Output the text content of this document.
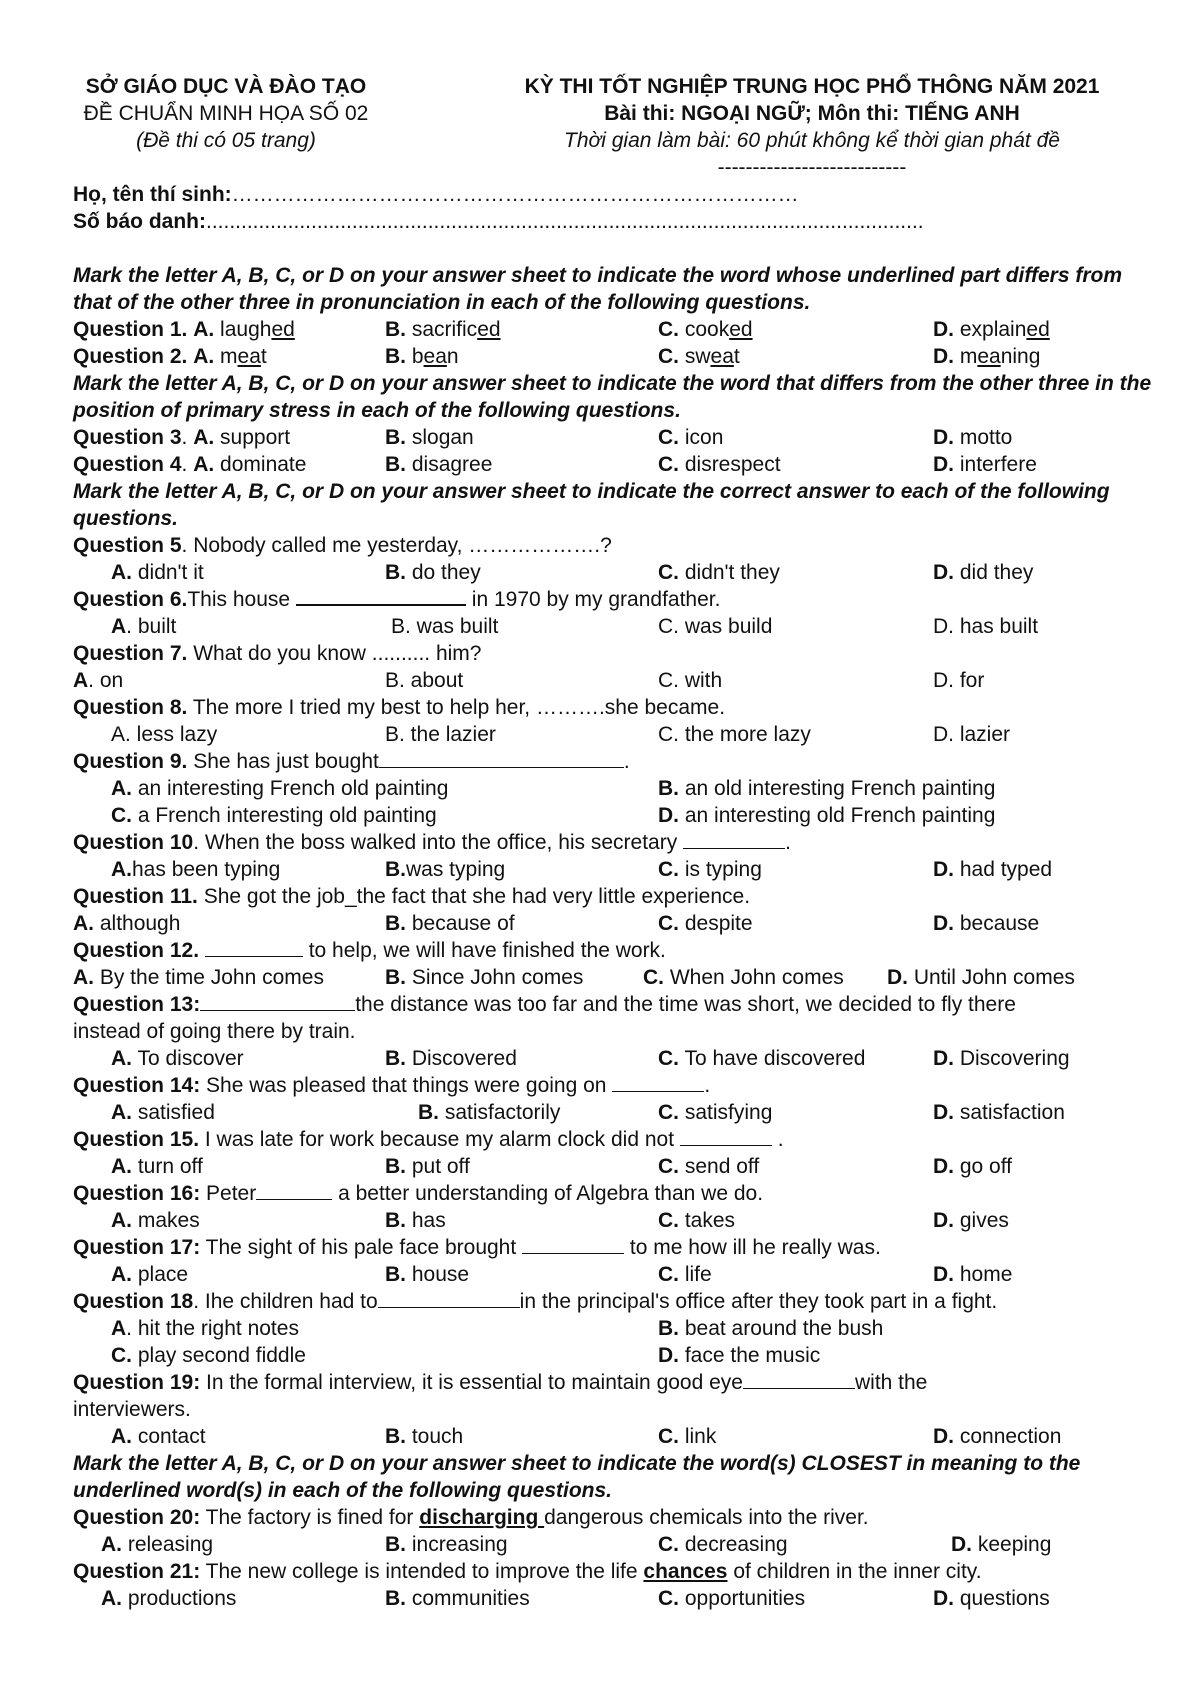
SỞ GIÁO DỤC VÀ ĐÀO TẠO
ĐỀ CHUẨN MINH HỌA SỐ 02
(Đề thi có 05 trang)
KỲ THI TỐT NGHIỆP TRUNG HỌC PHỔ THÔNG NĂM 2021
Bài thi: NGOẠI NGỮ; Môn thi: TIẾNG ANH
Thời gian làm bài: 60 phút không kể thời gian phát đề
---------------------------
Họ, tên thí sinh:………………………………………………………………………
Số báo danh:...........................................................................................................................
Mark the letter A, B, C, or D on your answer sheet to indicate the word whose underlined part differs from that of the other three in pronunciation in each of the following questions.
Question 1. A. laughed	B. sacrificed	C. cooked	D. explained
Question 2. A. meat	B. bean	C. sweat	D. meaning
Mark the letter A, B, C, or D on your answer sheet to indicate the word that differs from the other three in the position of primary stress in each of the following questions.
Question 3. A. support	B. slogan	C. icon	D. motto
Question 4. A. dominate	B. disagree	C. disrespect	D. interfere
Mark the letter A, B, C, or D on your answer sheet to indicate the correct answer to each of the following questions.
Question 5. Nobody called me yesterday, ……………….?
A. didn't it	B. do they	C. didn't they	D. did they
Question 6.This house	in 1970 by my grandfather.
A. built	B. was built	C. was build	D. has built
Question 7. What do you know .......... him?
A. on	B. about	C. with	D. for
Question 8. The more I tried my best to help her, ……….she became.
A. less lazy	B. the lazier	C. the more lazy	D. lazier
Question 9. She has just bought	.
A. an interesting French old painting	B. an old interesting French painting
C. a French interesting old painting	D. an interesting old French painting
Question 10. When the boss walked into the office, his secretary	.
A.has been typing	B.was typing	C. is typing	D. had typed
Question 11. She got the job_the fact that she had very little experience.
A. although	B. because of	C. despite	D. because
Question 12.	to help, we will have finished the work.
A. By the time John comes	B. Since John comes	C. When John comes D. Until John comes
Question 13:	the distance was too far and the time was short, we decided to fly there
instead of going there by train.
A. To discover	B. Discovered	C. To have discovered	D. Discovering
Question 14: She was pleased that things were going on	.
A. satisfied	B. satisfactorily	C. satisfying	D. satisfaction
Question 15. I was late for work because my alarm clock did not	.
A. turn off	B. put off	C. send off	D. go off
Question 16: Peter	a better understanding of Algebra than we do.
A. makes	B. has	C. takes	D. gives
Question 17: The sight of his pale face brought	to me how ill he really was.
A. place	B. house	C. life	D. home
Question 18. Ihe children had to	in the principal's office after they took part in a fight.
A. hit the right notes	B. beat around the bush
C. play second fiddle	D. face the music
Question 19: In the formal interview, it is essential to maintain good eye	with the
interviewers.
A. contact	B. touch	C. link	D. connection
Mark the letter A, B, C, or D on your answer sheet to indicate the word(s) CLOSEST in meaning to the underlined word(s) in each of the following questions.
Question 20: The factory is fined for discharging dangerous chemicals into the river.
A. releasing	B. increasing	C. decreasing	D. keeping
Question 21: The new college is intended to improve the life chances of children in the inner city.
A. productions	B. communities	C. opportunities	D. questions
